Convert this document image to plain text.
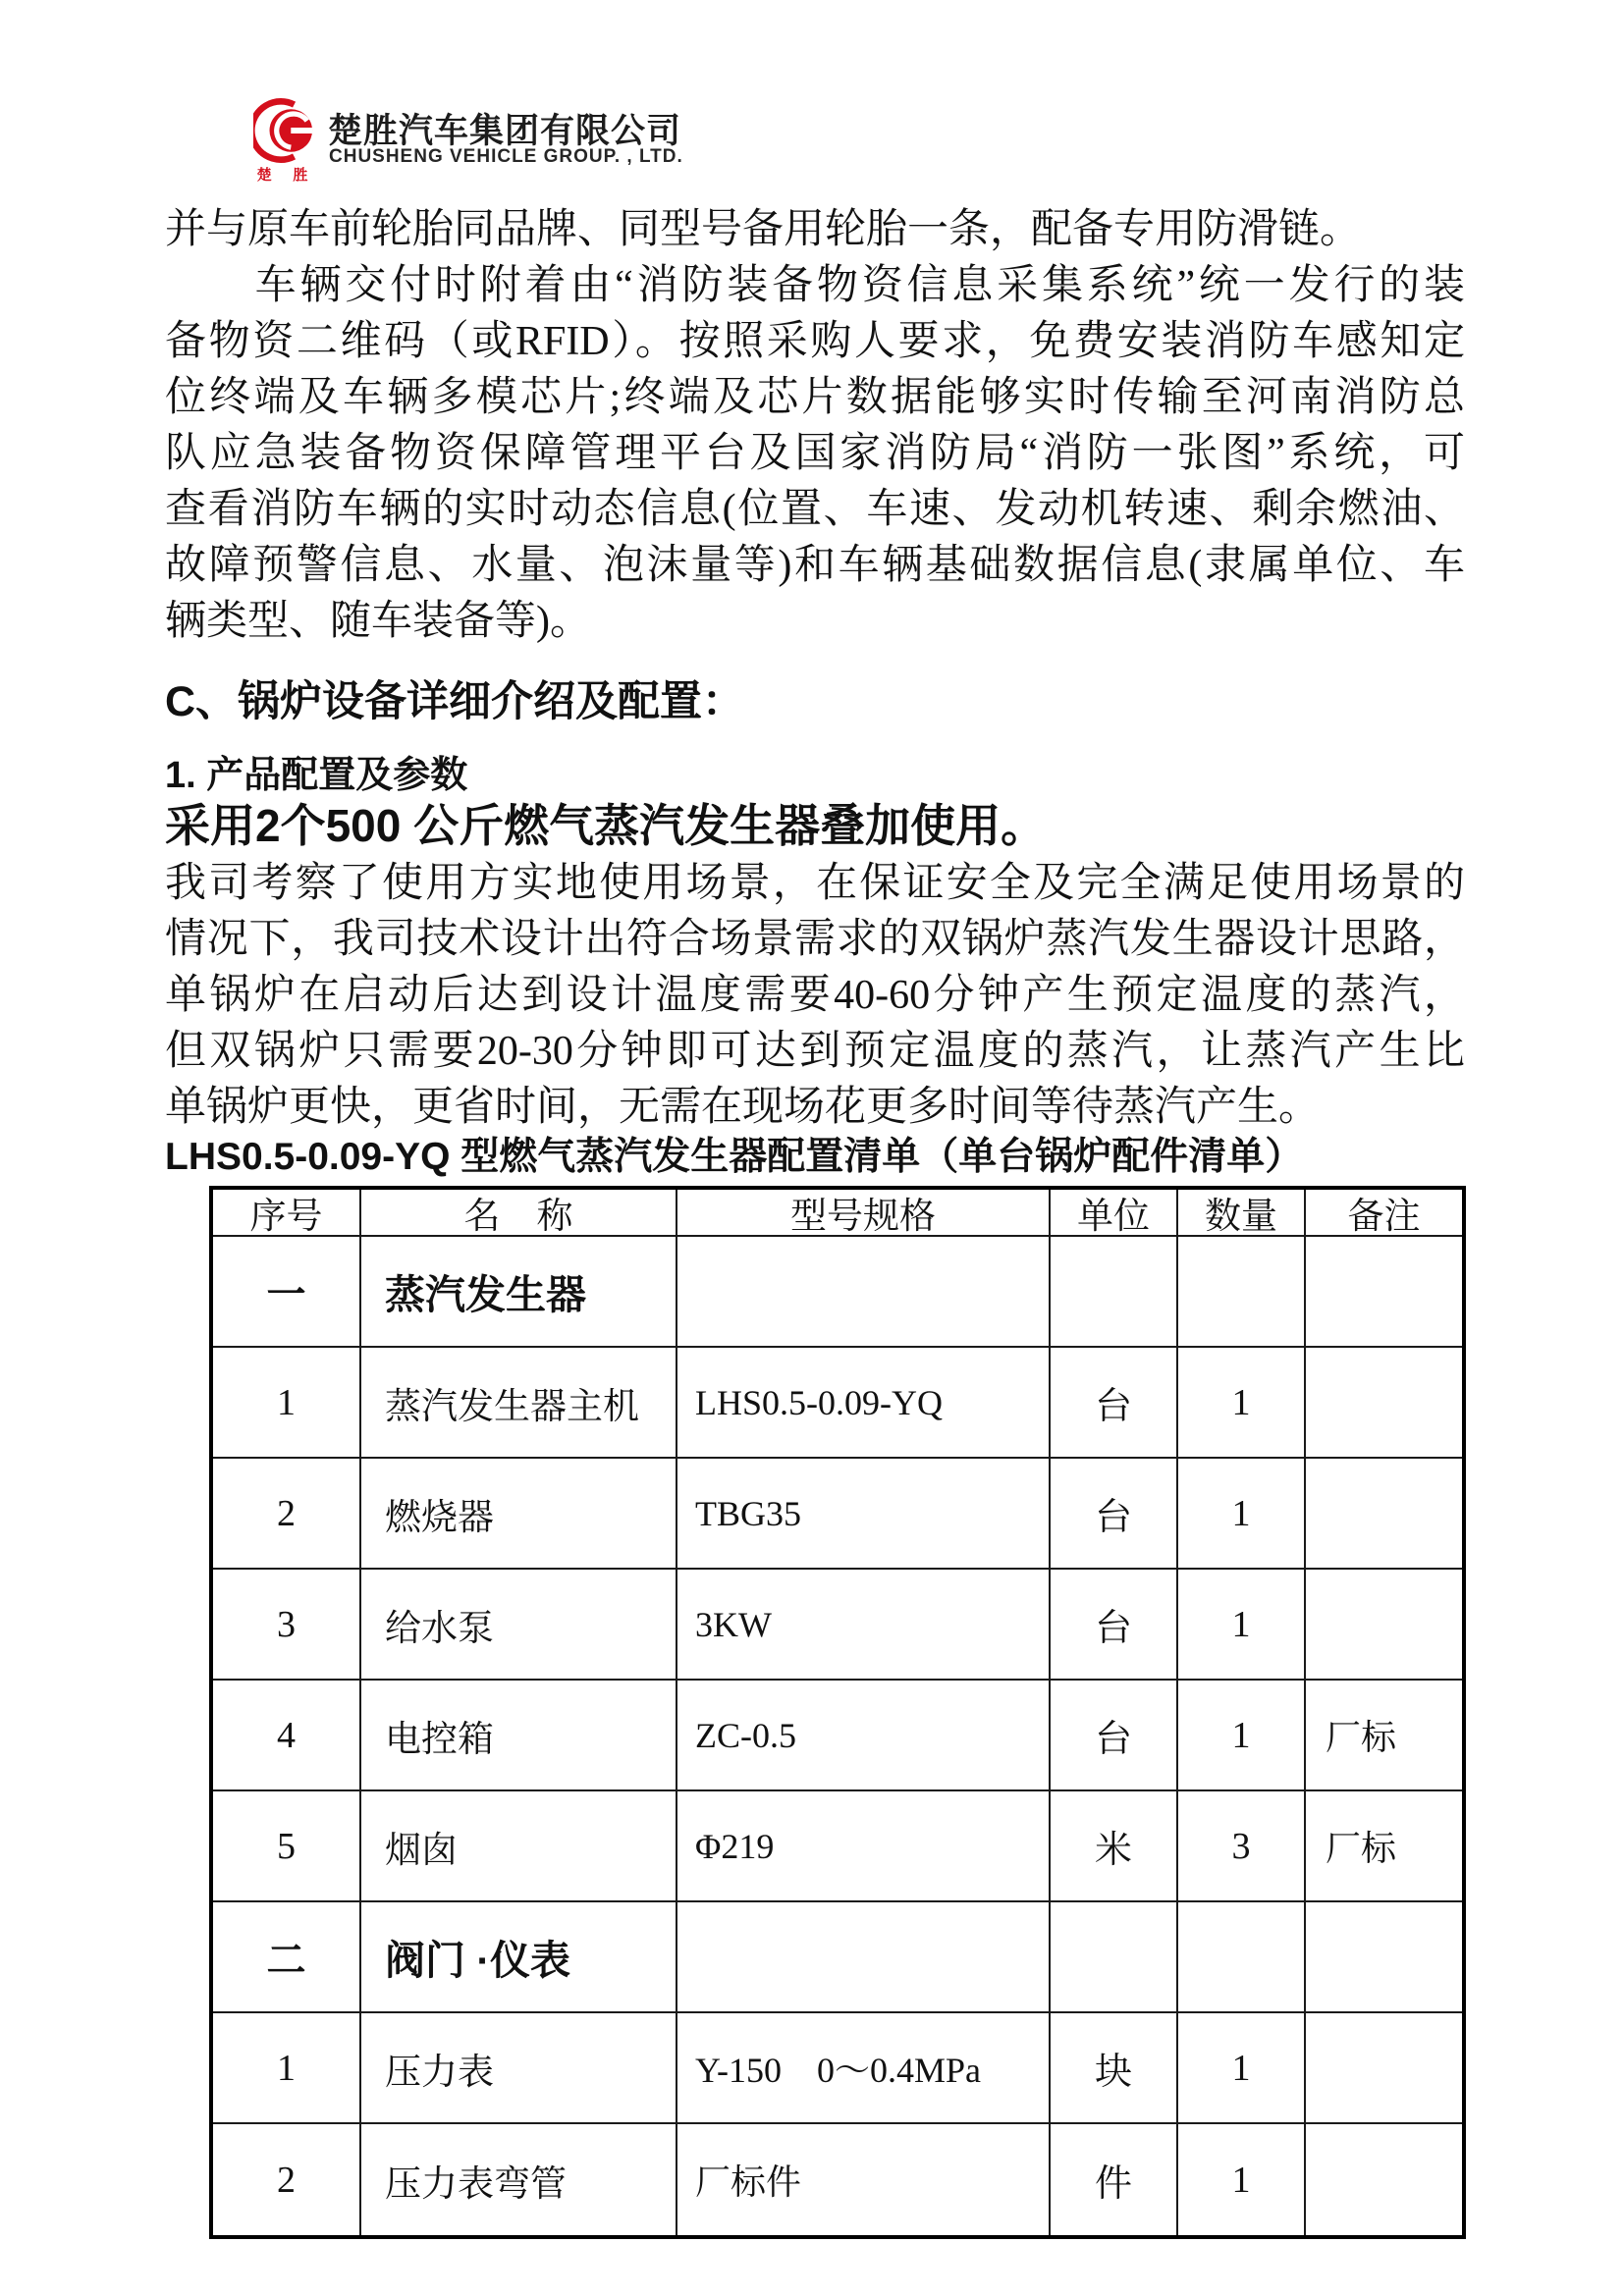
楚 胜
楚胜汽车集团有限公司
CHUSHENG VEHICLE GROUP. , LTD.
并与原车前轮胎同品牌、同型号备用轮胎一条，配备专用防滑链。
　　车辆交付时附着由“消防装备物资信息采集系统”统一发行的装
备物资二维码（或RFID）。按照采购人要求，免费安装消防车感知定
位终端及车辆多模芯片;终端及芯片数据能够实时传输至河南消防总
队应急装备物资保障管理平台及国家消防局“消防一张图”系统，可
查看消防车辆的实时动态信息(位置、车速、发动机转速、剩余燃油、
故障预警信息、水量、泡沫量等)和车辆基础数据信息(隶属单位、车
辆类型、随车装备等)。
C、锅炉设备详细介绍及配置：
1. 产品配置及参数
采用2个500 公斤燃气蒸汽发生器叠加使用。
我司考察了使用方实地使用场景，在保证安全及完全满足使用场景的
情况下，我司技术设计出符合场景需求的双锅炉蒸汽发生器设计思路，
单锅炉在启动后达到设计温度需要40-60分钟产生预定温度的蒸汽，
但双锅炉只需要20-30分钟即可达到预定温度的蒸汽，让蒸汽产生比
单锅炉更快，更省时间，无需在现场花更多时间等待蒸汽产生。
LHS0.5-0.09-YQ 型燃气蒸汽发生器配置清单（单台锅炉配件清单）
序号	名　称	型号规格	单位	数量	备注
一	蒸汽发生器
1	蒸汽发生器主机	LHS0.5-0.09-YQ	台	1
2	燃烧器	TBG35	台	1
3	给水泵	3KW	台	1
4	电控箱	ZC-0.5	台	1	厂标
5	烟囱	Φ219	米	3	厂标
二	阀门 ·仪表
1	压力表	Y-150    0～0.4MPa	块	1
2	压力表弯管	厂标件	件	1
